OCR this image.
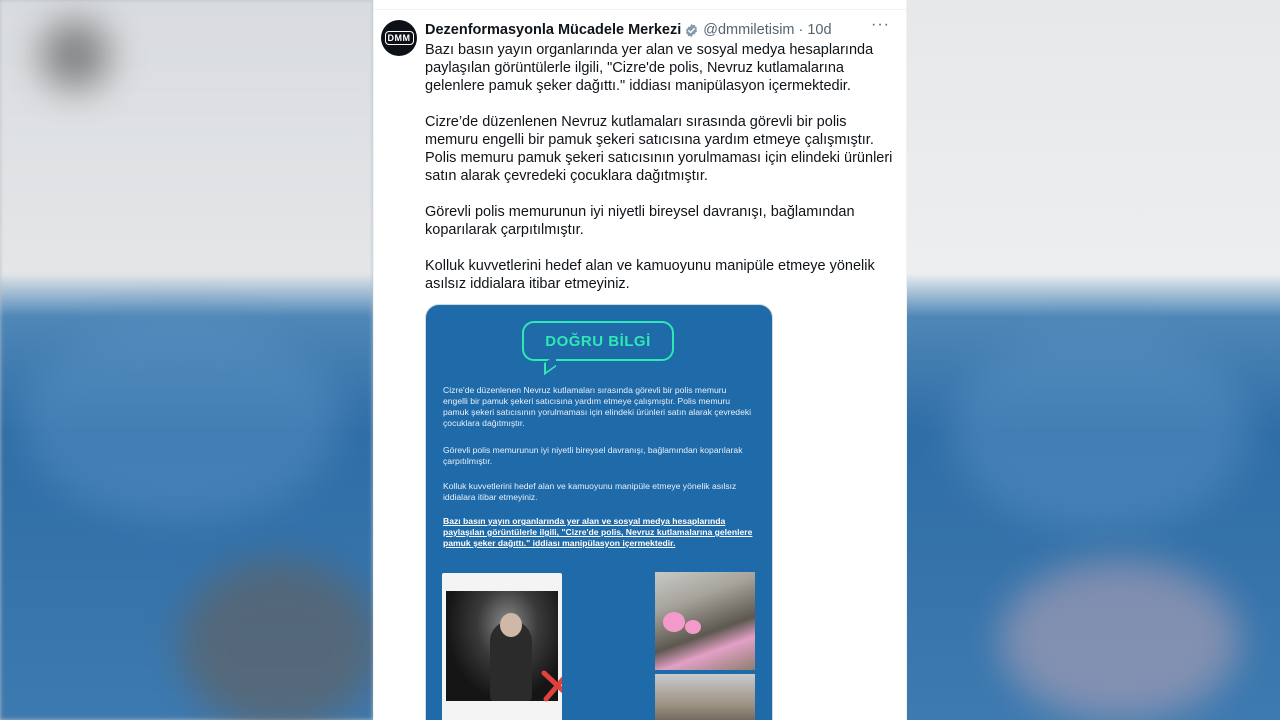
DMM Dezenformasyonla Mücadele Merkezi @dmmiletisim · 10d ···

Bazı basın yayın organlarında yer alan ve sosyal medya hesaplarında paylaşılan görüntülerle ilgili, "Cizre'de polis, Nevruz kutlamalarına gelenlere pamuk şeker dağıttı." iddiası manipülasyon içermektedir.

Cizre’de düzenlenen Nevruz kutlamaları sırasında görevli bir polis memuru engelli bir pamuk şekeri satıcısına yardım etmeye çalışmıştır. Polis memuru pamuk şekeri satıcısının yorulmaması için elindeki ürünleri satın alarak çevredeki çocuklara dağıtmıştır.

Görevli polis memurunun iyi niyetli bireysel davranışı, bağlamından koparılarak çarpıtılmıştır.

Kolluk kuvvetlerini hedef alan ve kamuoyunu manipüle etmeye yönelik asılsız iddialara itibar etmeyiniz.

DOĞRU BİLGİ
Cizre'de düzenlenen Nevruz kutlamaları sırasında görevli bir polis memuru engelli bir pamuk şekeri satıcısına yardım etmeye çalışmıştır. Polis memuru pamuk şekeri satıcısının yorulmaması için elindeki ürünleri satın alarak çevredeki çocuklara dağıtmıştır.
Görevli polis memurunun iyi niyetli bireysel davranışı, bağlamından koparılarak çarpıtılmıştır.
Kolluk kuvvetlerini hedef alan ve kamuoyunu manipüle etmeye yönelik asılsız iddialara itibar etmeyiniz.
Bazı basın yayın organlarında yer alan ve sosyal medya hesaplarında paylaşılan görüntülerle ilgili, "Cizre'de polis, Nevruz kutlamalarına gelenlere pamuk şeker dağıttı." iddiası manipülasyon içermektedir.
